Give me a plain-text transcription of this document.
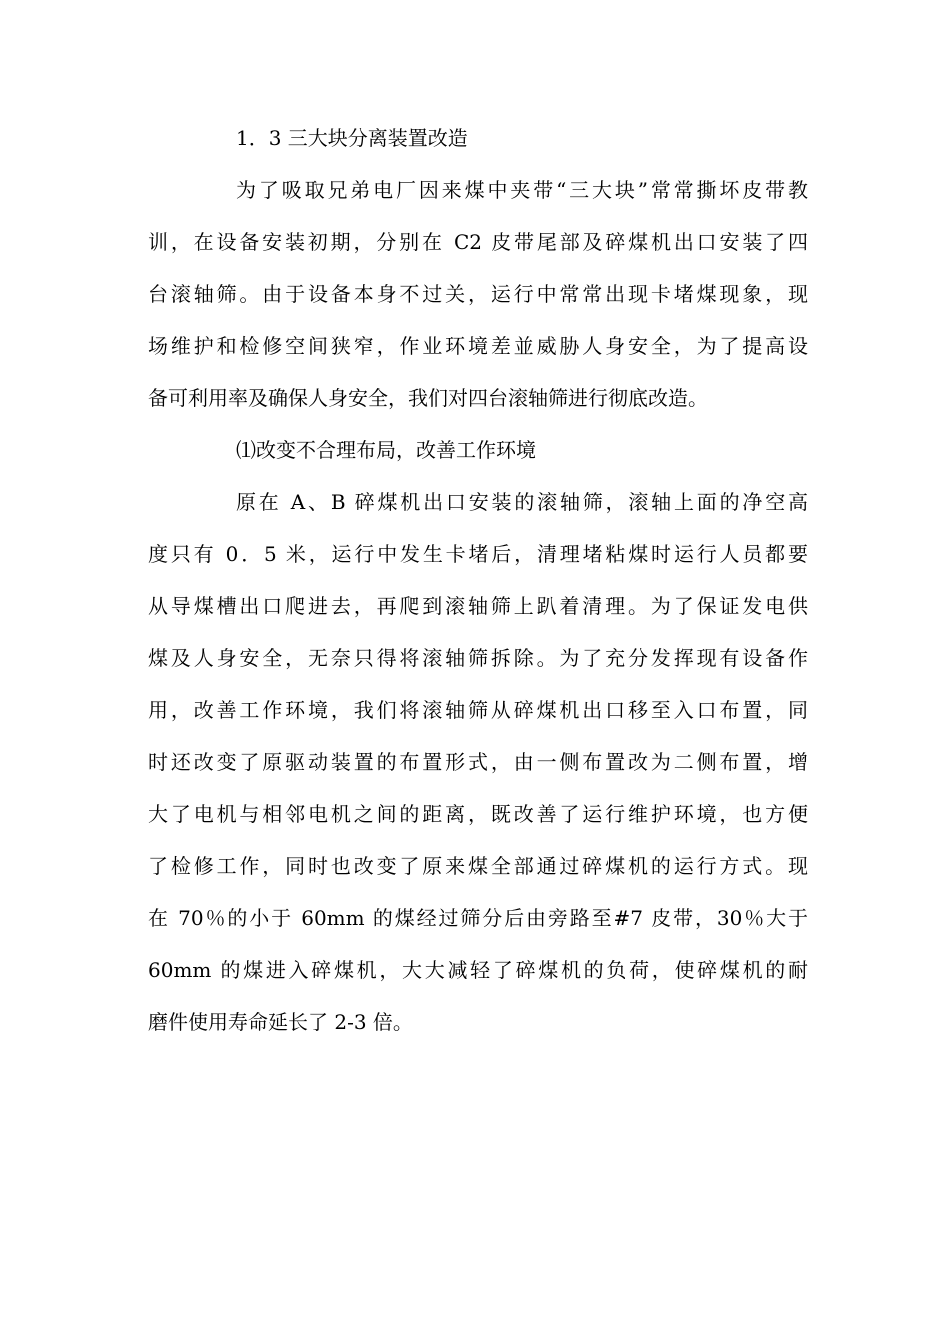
1．3 三大块分离装置改造
为了吸取兄弟电厂因来煤中夹带“三大块”常常撕坏皮带教
训，在设备安装初期，分别在 C2 皮带尾部及碎煤机出口安装了四
台滚轴筛。由于设备本身不过关，运行中常常出现卡堵煤现象，现
场维护和检修空间狭窄，作业环境差並威胁人身安全，为了提高设
备可利用率及确保人身安全，我们对四台滚轴筛进行彻底改造。
⑴改变不合理布局，改善工作环境
原在 A、B 碎煤机出口安装的滚轴筛，滚轴上面的净空高
度只有 0．5 米，运行中发生卡堵后，清理堵粘煤时运行人员都要
从导煤槽出口爬进去，再爬到滚轴筛上趴着清理。为了保证发电供
煤及人身安全，无奈只得将滚轴筛拆除。为了充分发挥现有设备作
用，改善工作环境，我们将滚轴筛从碎煤机出口移至入口布置，同
时还改变了原驱动装置的布置形式，由一侧布置改为二侧布置，增
大了电机与相邻电机之间的距离，既改善了运行维护环境，也方便
了检修工作，同时也改变了原来煤全部通过碎煤机的运行方式。现
在 70％的小于 60mm 的煤经过筛分后由旁路至#7 皮带，30％大于
60mm 的煤进入碎煤机，大大减轻了碎煤机的负荷，使碎煤机的耐
磨件使用寿命延长了 2-3 倍。
